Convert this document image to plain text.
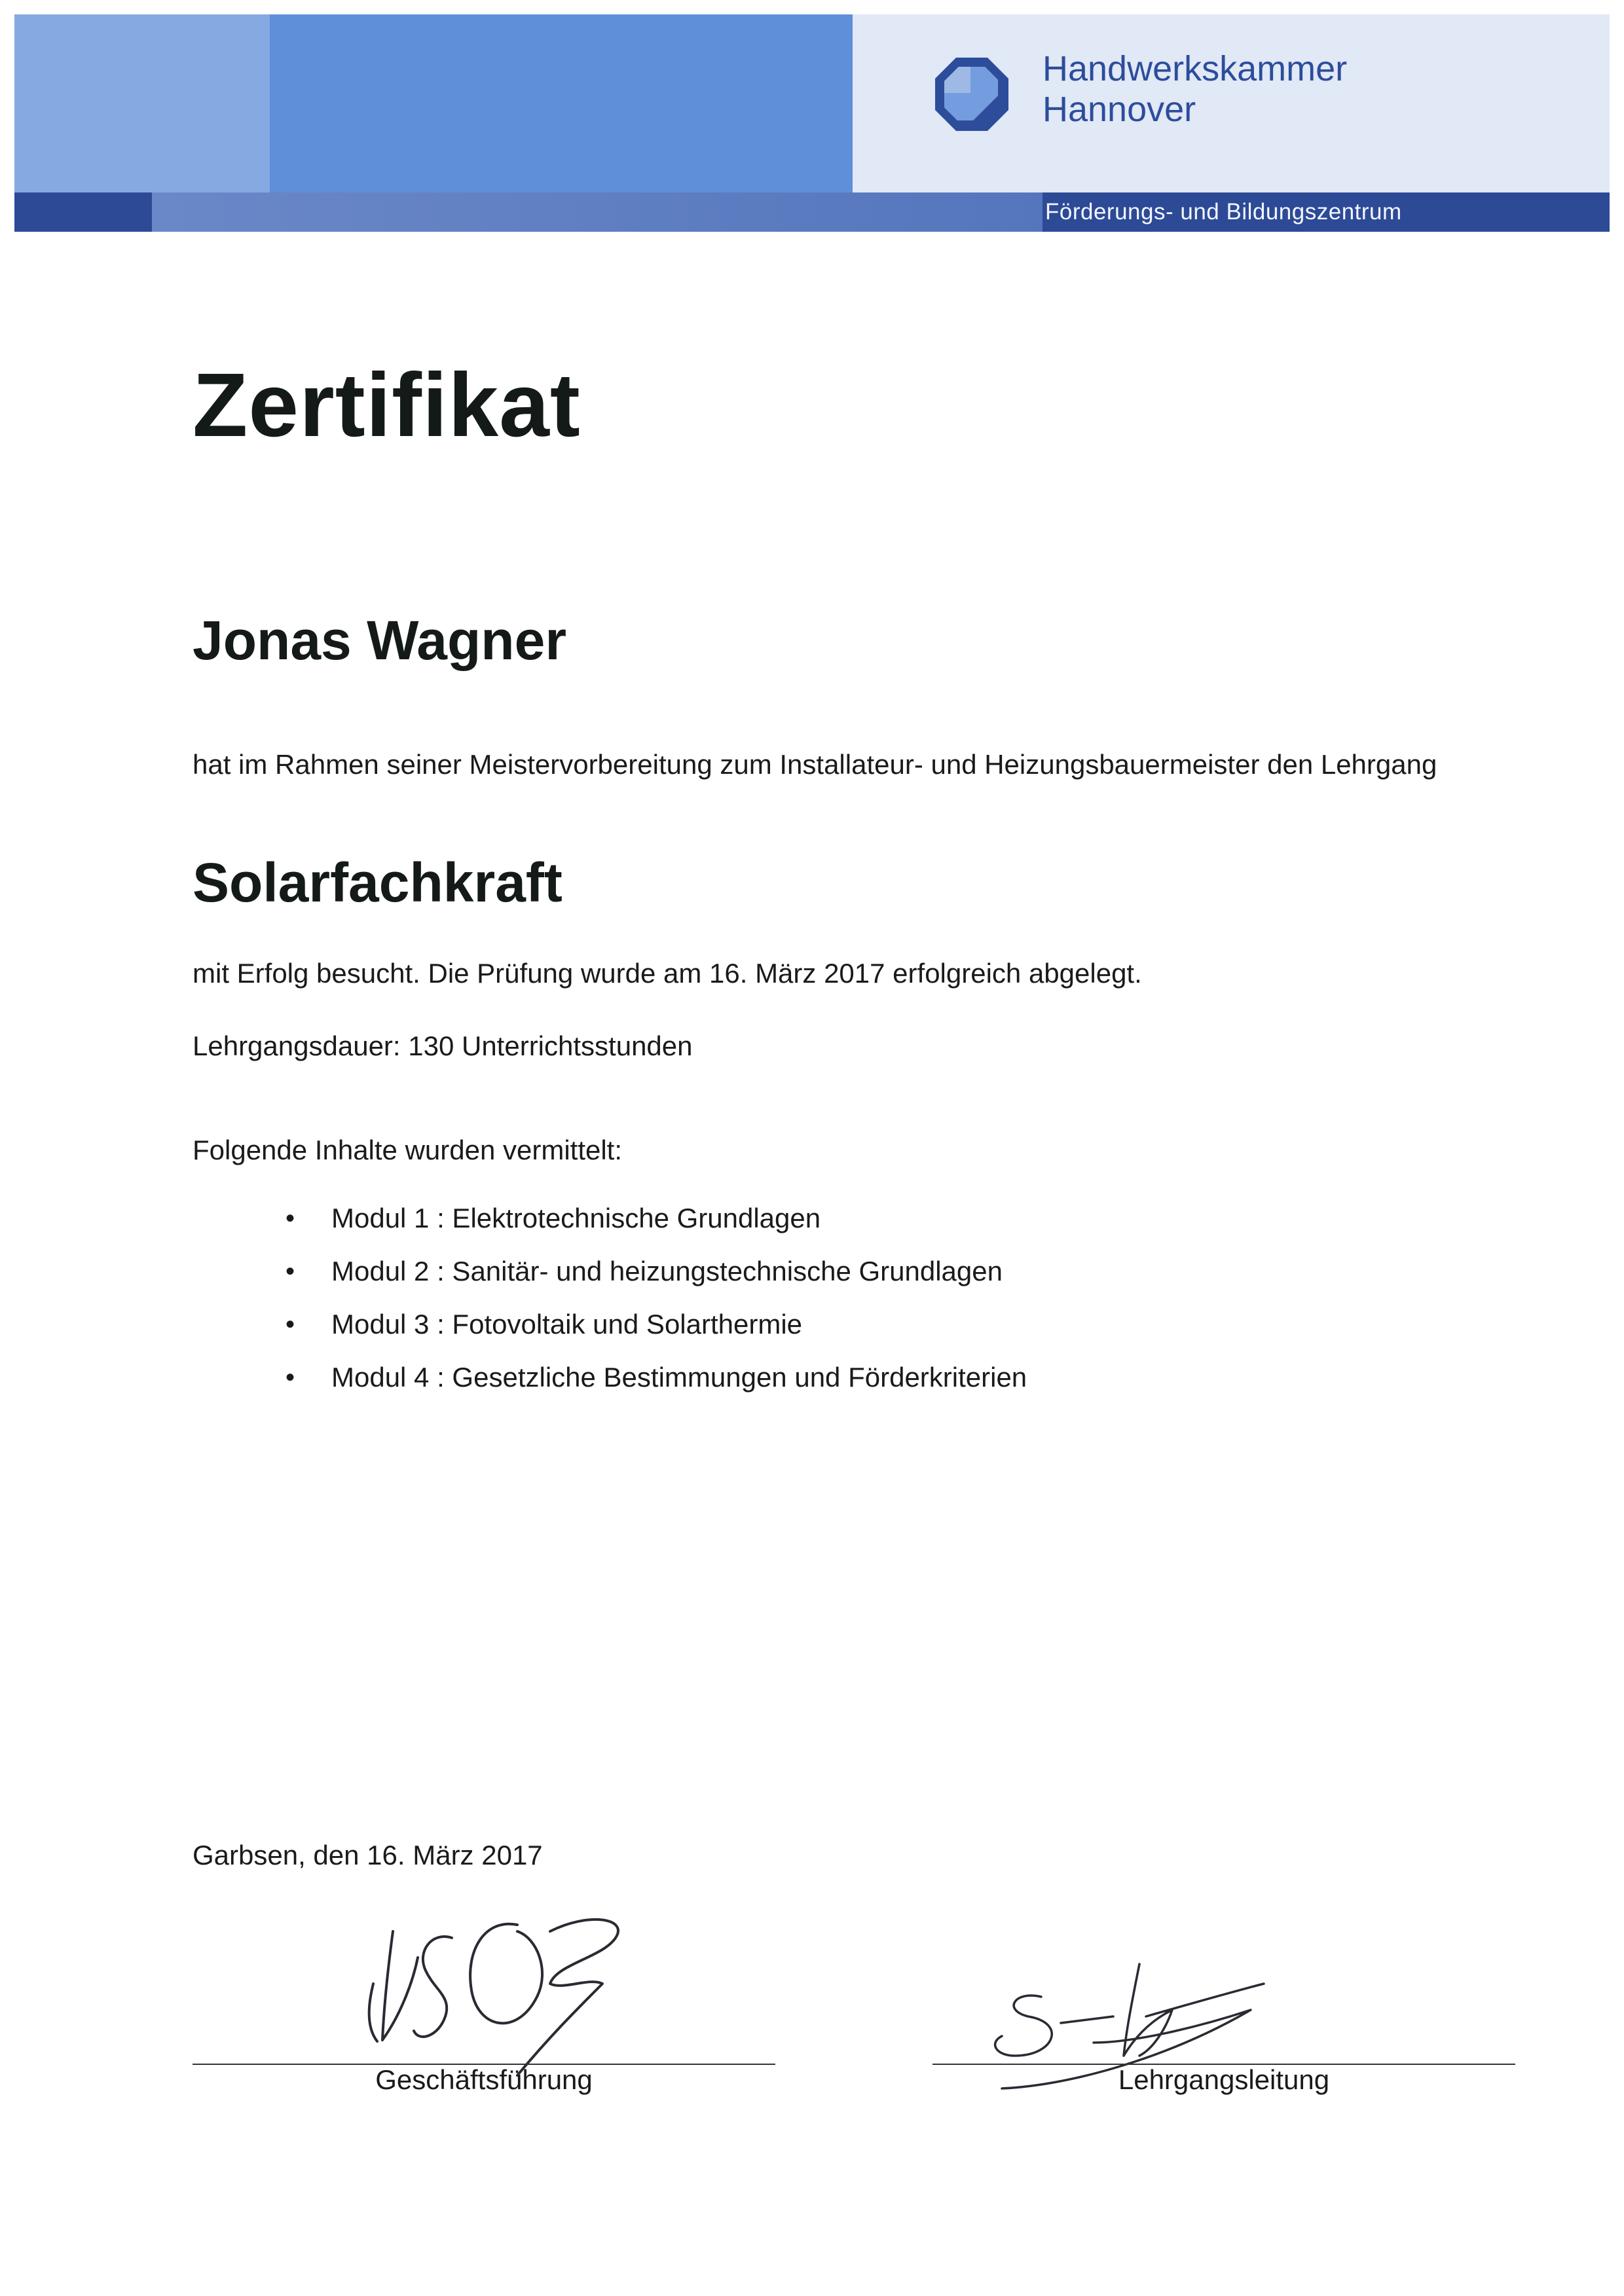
Handwerkskammer
Hannover
Förderungs- und Bildungszentrum
Zertifikat
Jonas Wagner
hat im Rahmen seiner Meistervorbereitung zum Installateur- und Heizungsbauermeister den Lehrgang
Solarfachkraft
mit Erfolg besucht. Die Prüfung wurde am 16. März 2017 erfolgreich abgelegt.
Lehrgangsdauer: 130 Unterrichtsstunden
Folgende Inhalte wurden vermittelt:
• Modul 1 : Elektrotechnische Grundlagen
• Modul 2 : Sanitär- und heizungstechnische Grundlagen
• Modul 3 : Fotovoltaik und Solarthermie
• Modul 4 : Gesetzliche Bestimmungen und Förderkriterien
Garbsen, den 16. März 2017
Geschäftsführung	Lehrgangsleitung
